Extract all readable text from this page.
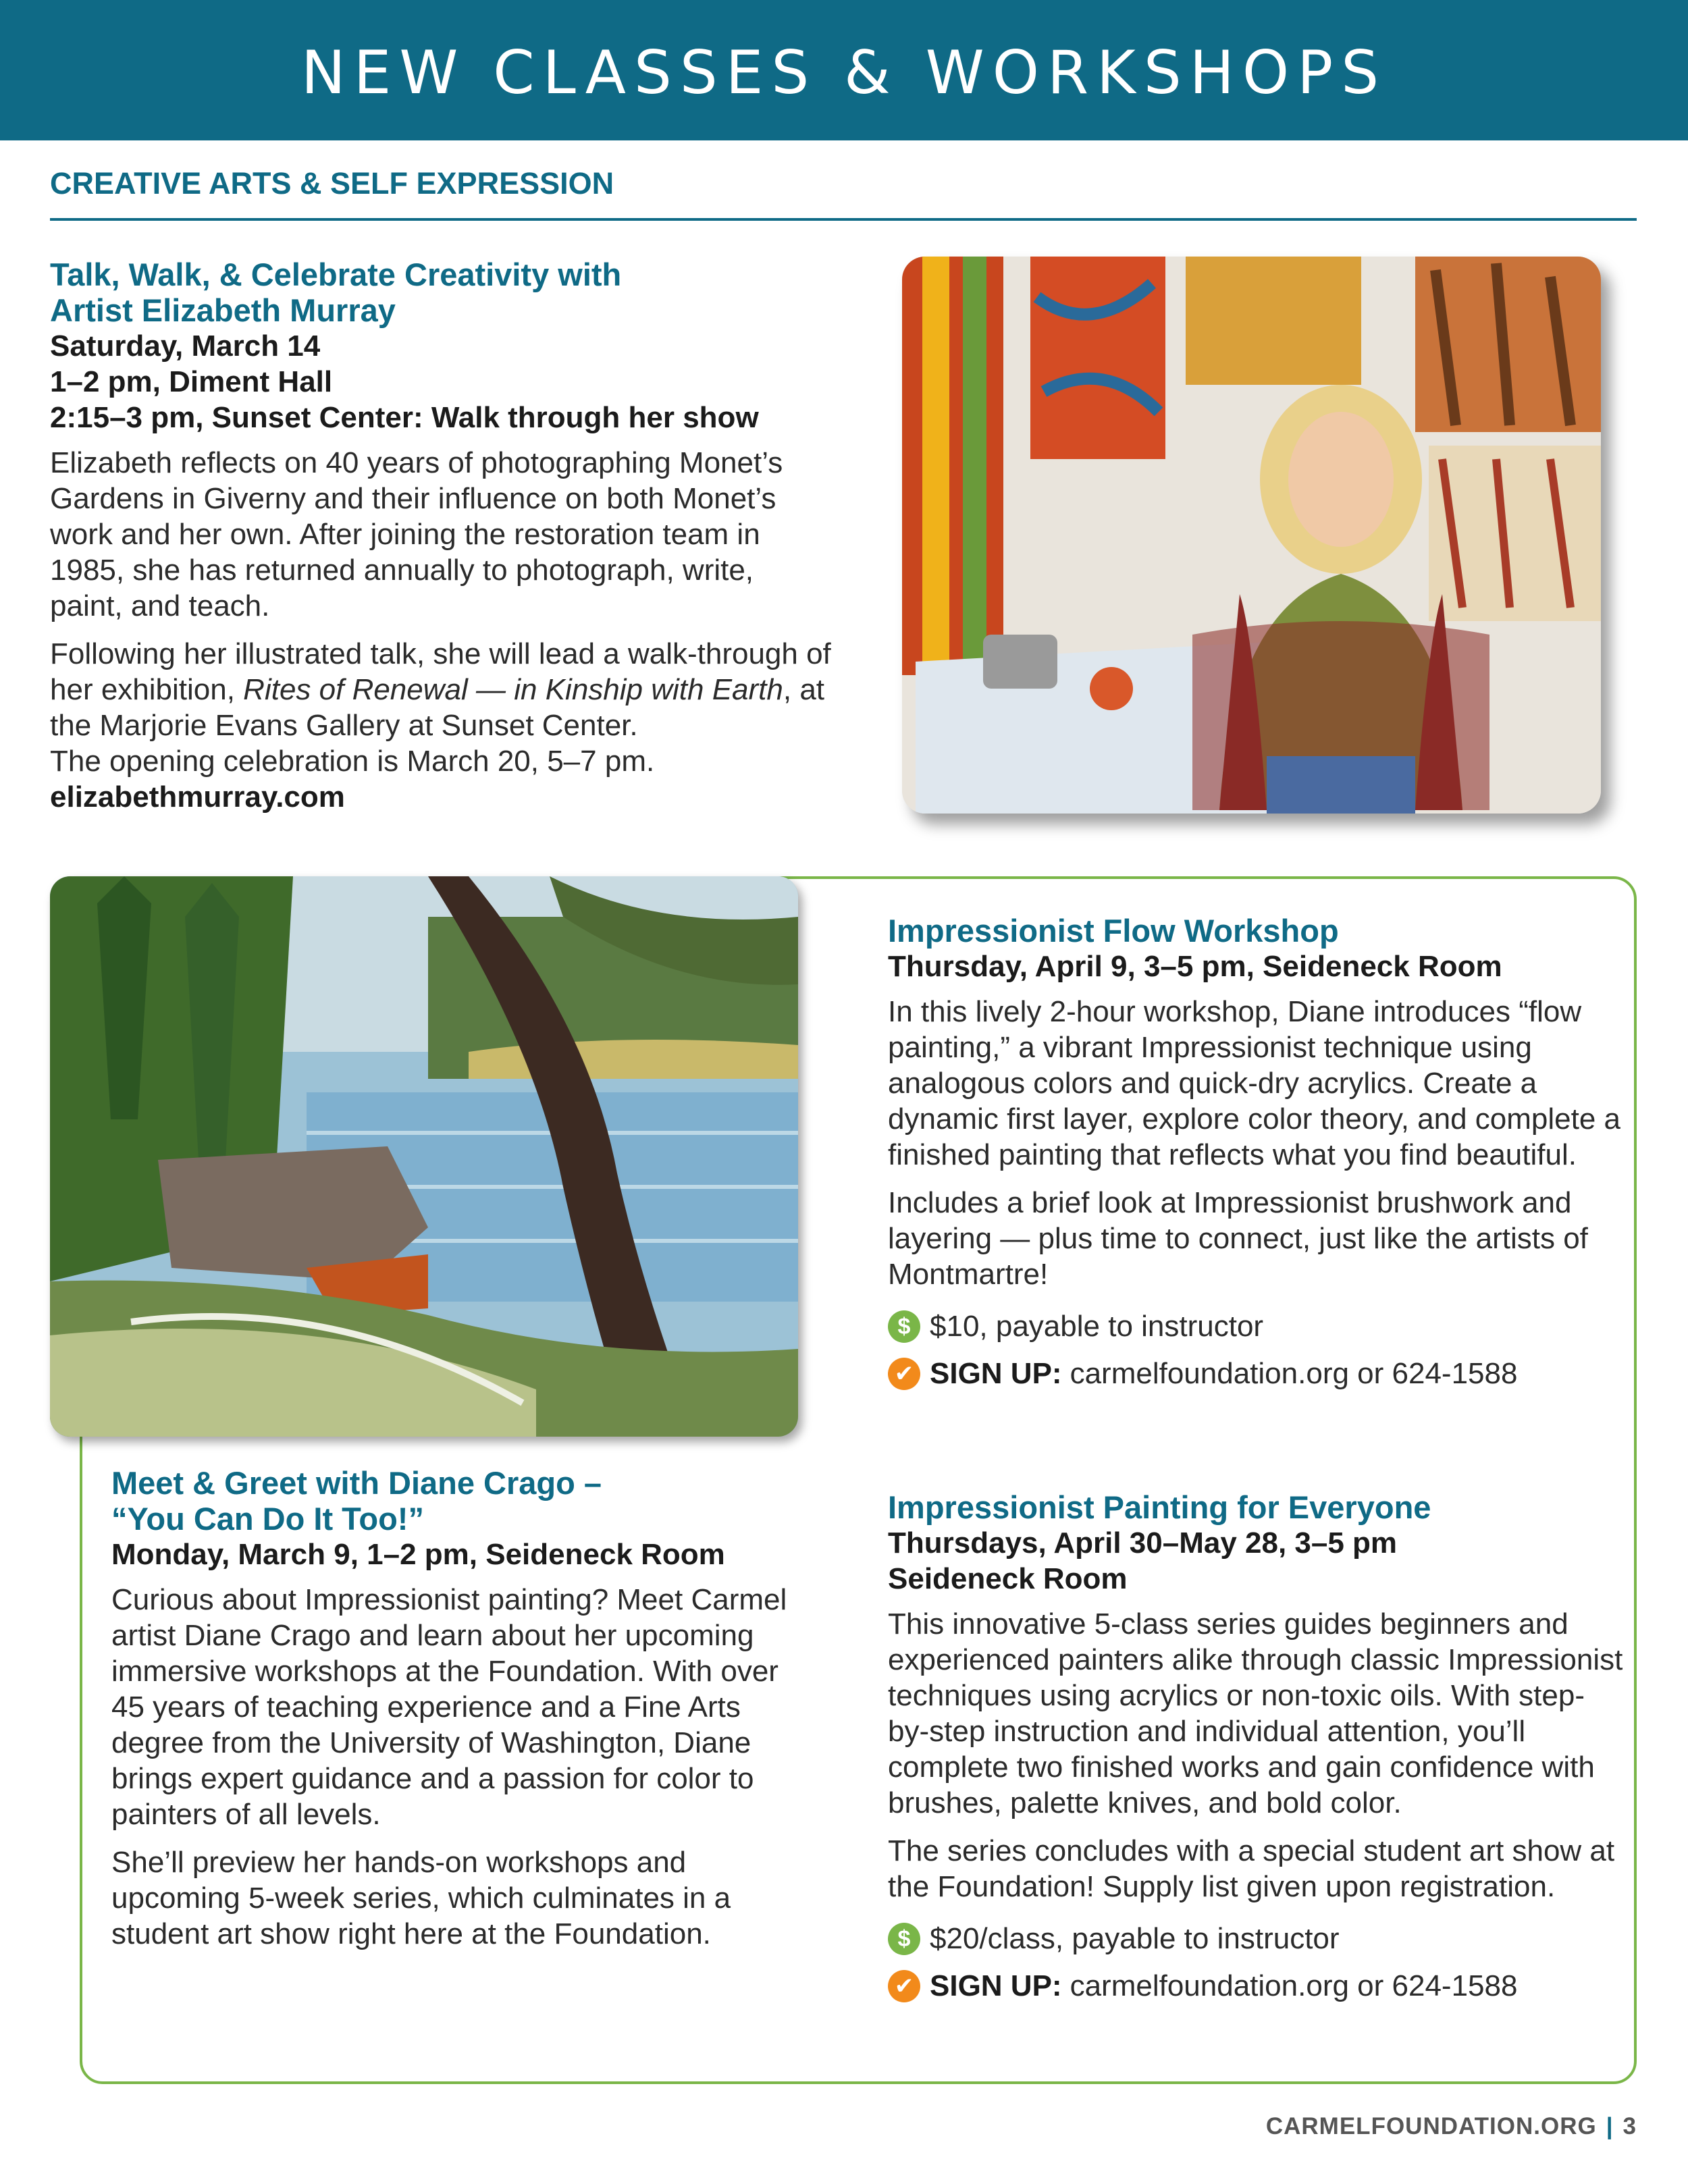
NEW CLASSES & WORKSHOPS
CREATIVE ARTS & SELF EXPRESSION
Talk, Walk, & Celebrate Creativity with
Artist Elizabeth Murray
Saturday, March 14
1–2 pm, Diment Hall
2:15–3 pm, Sunset Center: Walk through her show

Elizabeth reflects on 40 years of photographing Monet’s Gardens in Giverny and their influence on both Monet’s work and her own. After joining the restoration team in 1985, she has returned annually to photograph, write, paint, and teach.

Following her illustrated talk, she will lead a walk-through of her exhibition, Rites of Renewal — in Kinship with Earth, at the Marjorie Evans Gallery at Sunset Center.
The opening celebration is March 20, 5–7 pm.
elizabethmurray.com

Meet & Greet with Diane Crago –
“You Can Do It Too!”
Monday, March 9, 1–2 pm, Seideneck Room

Curious about Impressionist painting? Meet Carmel artist Diane Crago and learn about her upcoming immersive workshops at the Foundation. With over 45 years of teaching experience and a Fine Arts degree from the University of Washington, Diane brings expert guidance and a passion for color to painters of all levels.

She’ll preview her hands-on workshops and upcoming 5-week series, which culminates in a student art show right here at the Foundation.

Impressionist Flow Workshop
Thursday, April 9, 3–5 pm, Seideneck Room

In this lively 2-hour workshop, Diane introduces “flow painting,” a vibrant Impressionist technique using analogous colors and quick-dry acrylics. Create a dynamic first layer, explore color theory, and complete a finished painting that reflects what you find beautiful.

Includes a brief look at Impressionist brushwork and layering — plus time to connect, just like the artists of Montmartre!

$ $10, payable to instructor
✔ SIGN UP: carmelfoundation.org or 624-1588
Impressionist Painting for Everyone
Thursdays, April 30–May 28, 3–5 pm
Seideneck Room

This innovative 5-class series guides beginners and experienced painters alike through classic Impressionist techniques using acrylics or non-toxic oils. With step-by-step instruction and individual attention, you’ll complete two finished works and gain confidence with brushes, palette knives, and bold color.

The series concludes with a special student art show at the Foundation! Supply list given upon registration.

$ $20/class, payable to instructor
✔ SIGN UP: carmelfoundation.org or 624-1588
CARMELFOUNDATION.ORG | 3
